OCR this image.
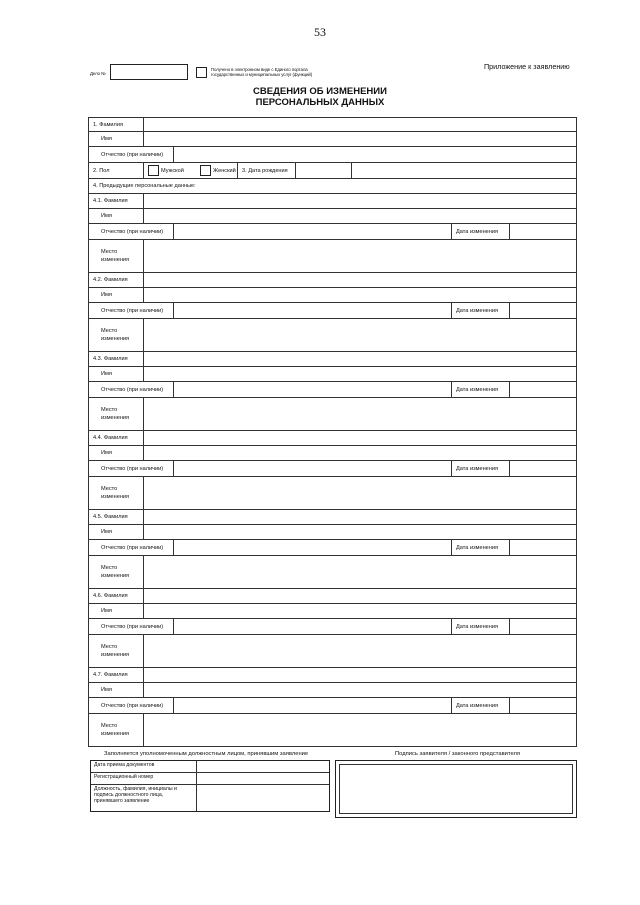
53
Дело №
Получено в электронном виде с Единого портала государственных и муниципальных услуг (функций)
Приложение к заявлению
СВЕДЕНИЯ ОБ ИЗМЕНЕНИИ
ПЕРСОНАЛЬНЫХ ДАННЫХ
1. Фамилия
Имя
Отчество (при наличии)
2. Пол	Мужской	Женский	3. Дата рождения
4. Предыдущие персональные данные:
4.1. Фамилия
Имя
Отчество (при наличии)	Дата изменения
Место
изменения
4.2. Фамилия
Имя
Отчество (при наличии)	Дата изменения
Место
изменения
4.3. Фамилия
Имя
Отчество (при наличии)	Дата изменения
Место
изменения
4.4. Фамилия
Имя
Отчество (при наличии)	Дата изменения
Место
изменения
4.5. Фамилия
Имя
Отчество (при наличии)	Дата изменения
Место
изменения
4.6. Фамилия
Имя
Отчество (при наличии)	Дата изменения
Место
изменения
4.7. Фамилия
Имя
Отчество (при наличии)	Дата изменения
Место
изменения
Заполняется уполномоченным должностным лицом, принявшим заявление	Подпись заявителя / законного представителя
Дата приема документов
Регистрационный номер
Должность, фамилия, инициалы и подпись должностного лица, принявшего заявление
